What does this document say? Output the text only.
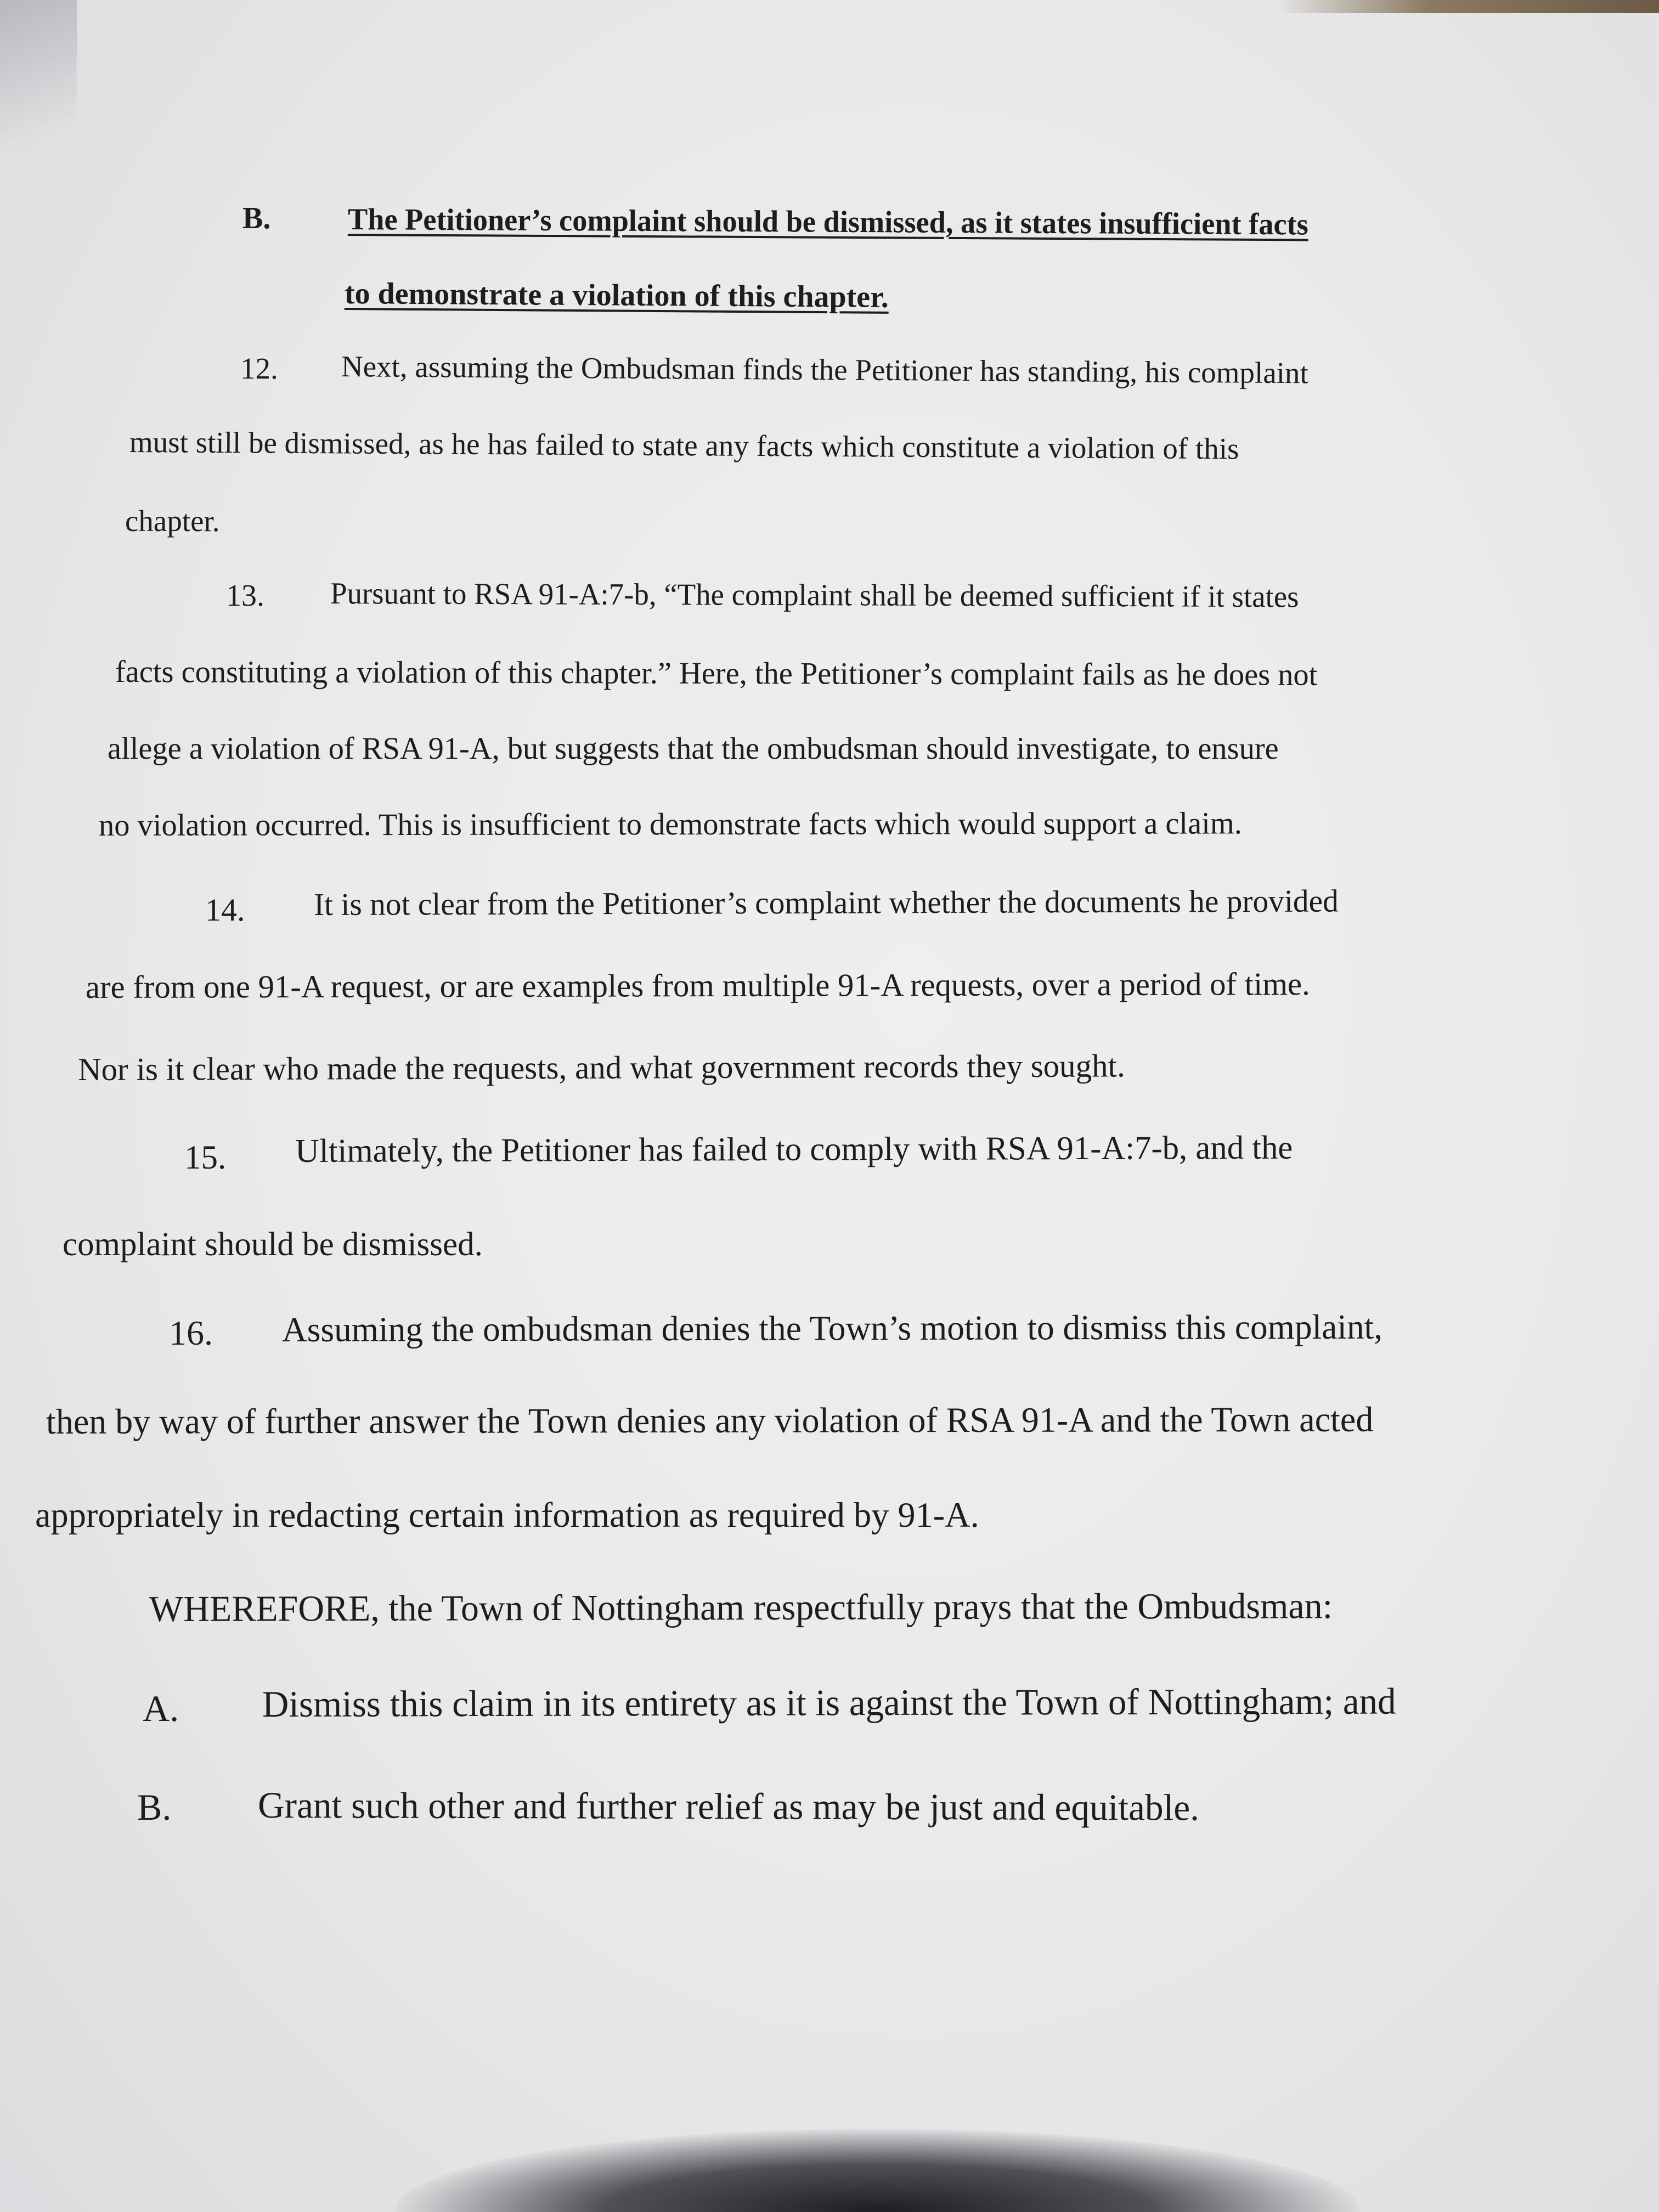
B.	The Petitioner’s complaint should be dismissed, as it states insufficient facts
to demonstrate a violation of this chapter.
12. Next, assuming the Ombudsman finds the Petitioner has standing, his complaint
must still be dismissed, as he has failed to state any facts which constitute a violation of this
chapter.
13. Pursuant to RSA 91-A:7-b, “The complaint shall be deemed sufficient if it states
facts constituting a violation of this chapter.” Here, the Petitioner’s complaint fails as he does not
allege a violation of RSA 91-A, but suggests that the ombudsman should investigate, to ensure
no violation occurred. This is insufficient to demonstrate facts which would support a claim.
14. It is not clear from the Petitioner’s complaint whether the documents he provided
are from one 91-A request, or are examples from multiple 91-A requests, over a period of time.
Nor is it clear who made the requests, and what government records they sought.
15. Ultimately, the Petitioner has failed to comply with RSA 91-A:7-b, and the
complaint should be dismissed.
16. Assuming the ombudsman denies the Town’s motion to dismiss this complaint,
then by way of further answer the Town denies any violation of RSA 91-A and the Town acted
appropriately in redacting certain information as required by 91-A.
WHEREFORE, the Town of Nottingham respectfully prays that the Ombudsman:
A. Dismiss this claim in its entirety as it is against the Town of Nottingham; and
B. Grant such other and further relief as may be just and equitable.
